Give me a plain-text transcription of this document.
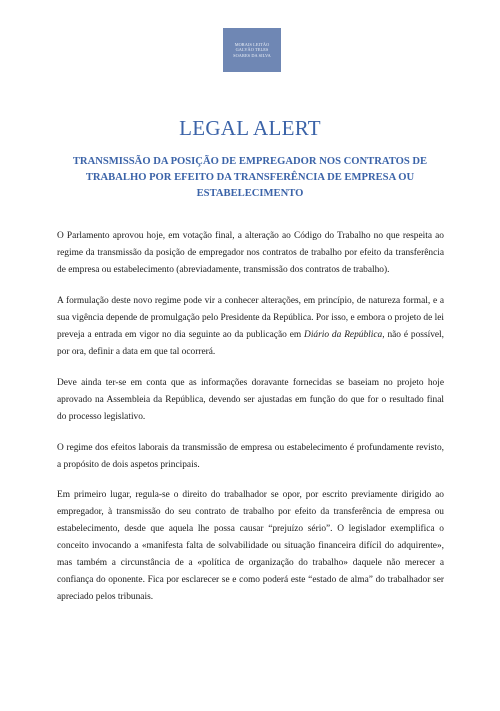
MORAIS LEITÃO
GALVÃO TELES
SOARES DA SILVA
LEGAL ALERT
TRANSMISSÃO DA POSIÇÃO DE EMPREGADOR NOS CONTRATOS DE TRABALHO POR EFEITO DA TRANSFERÊNCIA DE EMPRESA OU ESTABELECIMENTO

O Parlamento aprovou hoje, em votação final, a alteração ao Código do Trabalho no que respeita ao regime da transmissão da posição de empregador nos contratos de trabalho por efeito da transferência de empresa ou estabelecimento (abreviadamente, transmissão dos contratos de trabalho).

A formulação deste novo regime pode vir a conhecer alterações, em princípio, de natureza formal, e a sua vigência depende de promulgação pelo Presidente da República. Por isso, e embora o projeto de lei preveja a entrada em vigor no dia seguinte ao da publicação em Diário da República, não é possível, por ora, definir a data em que tal ocorrerá.

Deve ainda ter-se em conta que as informações doravante fornecidas se baseiam no projeto hoje aprovado na Assembleia da República, devendo ser ajustadas em função do que for o resultado final do processo legislativo.

O regime dos efeitos laborais da transmissão de empresa ou estabelecimento é profundamente revisto, a propósito de dois aspetos principais.

Em primeiro lugar, regula-se o direito do trabalhador se opor, por escrito previamente dirigido ao empregador, à transmissão do seu contrato de trabalho por efeito da transferência de empresa ou estabelecimento, desde que aquela lhe possa causar “prejuízo sério”. O legislador exemplifica o conceito invocando a «manifesta falta de solvabilidade ou situação financeira difícil do adquirente», mas também a circunstância de a «política de organização do trabalho» daquele não merecer a confiança do oponente. Fica por esclarecer se e como poderá este “estado de alma” do trabalhador ser apreciado pelos tribunais.
